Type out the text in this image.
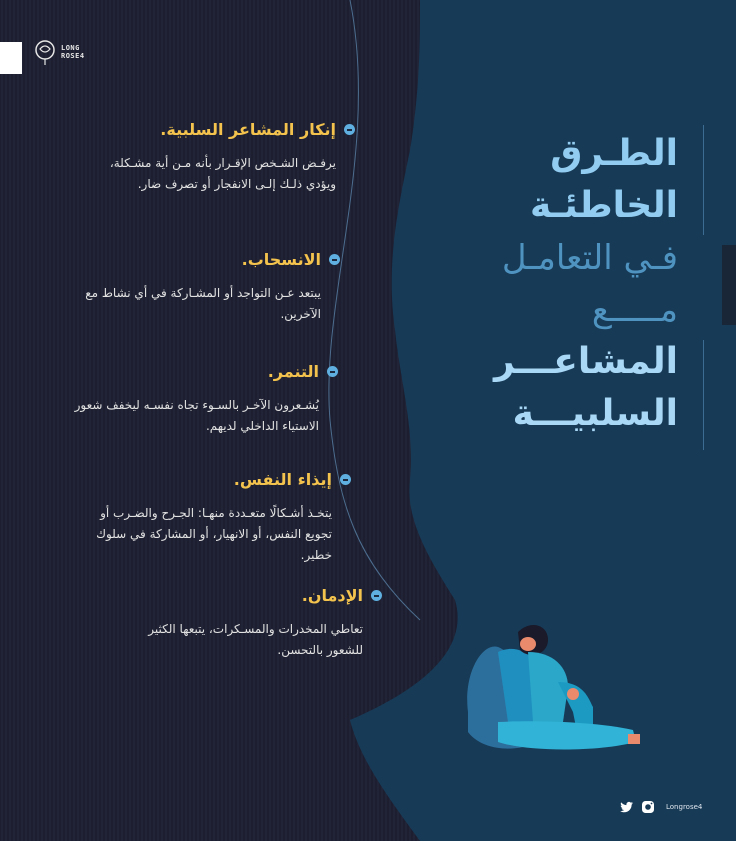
LONG
ROSE4
إنكار المشاعر السلبية.
يرفـض الشـخص الإقـرار بأنه مـن أية مشـكلة، ويؤدي ذلـك إلـى الانفجار أو تصرف ضار.
الانسحاب.
يبتعد عـن التواجد أو المشـاركة في أي نشاط مع الآخرين.
التنمر.
يُشـعرون الآخـر بالسـوء تجاه نفسـه ليخفف شعور الاستياء الداخلي لديهم.
إيذاء النفس.
يتخـذ أشـكالًا متعـددة منهـا: الجـرح والضـرب أو تجويع النفس، أو الانهيار، أو المشاركة في سلوك خطير.
الإدمان.
تعاطي المخدرات والمسـكرات، يتبعها الكثير للشعور بالتحسن.
الطـرق
الخاطئـة
فـي التعامـل
مـــــع
المشاعـــر
السلبيـــة
Longrose4
